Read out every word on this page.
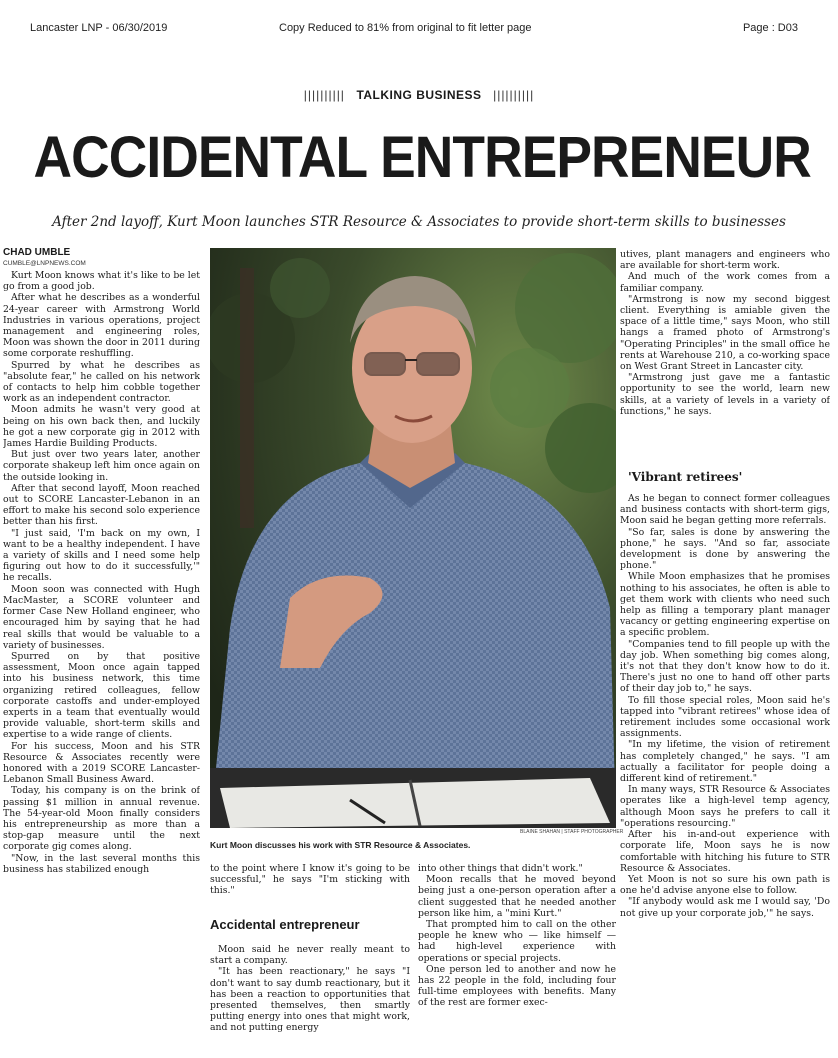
Lancaster LNP - 06/30/2019	Copy Reduced to 81% from original to fit letter page	Page : D03
|||||||||| TALKING BUSINESS ||||||||||
ACCIDENTAL ENTREPRENEUR
After 2nd layoff, Kurt Moon launches STR Resource & Associates to provide short-term skills to businesses
CHAD UMBLE
CUMBLE@LNPNEWS.COM

Kurt Moon knows what it's like to be let go from a good job.

After what he describes as a wonderful 24-year career with Armstrong World Industries in various operations, project management and engineering roles, Moon was shown the door in 2011 during some corporate reshuffling.

Spurred by what he describes as "absolute fear," he called on his network of contacts to help him cobble together work as an independent contractor.

Moon admits he wasn't very good at being on his own back then, and luckily he got a new corporate gig in 2012 with James Hardie Building Products.

But just over two years later, another corporate shakeup left him once again on the outside looking in.

After that second layoff, Moon reached out to SCORE Lancaster-Lebanon in an effort to make his second solo experience better than his first.

"I just said, 'I'm back on my own, I want to be a healthy independent. I have a variety of skills and I need some help figuring out how to do it successfully,'" he recalls.

Moon soon was connected with Hugh MacMaster, a SCORE volunteer and former Case New Holland engineer, who encouraged him by saying that he had real skills that would be valuable to a variety of businesses.

Spurred on by that positive assessment, Moon once again tapped into his business network, this time organizing retired colleagues, fellow corporate castoffs and under-employed experts in a team that eventually would provide valuable, short-term skills and expertise to a wide range of clients.

For his success, Moon and his STR Resource & Associates recently were honored with a 2019 SCORE Lancaster-Lebanon Small Business Award.

Today, his company is on the brink of passing $1 million in annual revenue. The 54-year-old Moon finally considers his entrepreneurship as more than a stop-gap measure until the next corporate gig comes along.

"Now, in the last several months this business has stabilized enough

BLAINE SHAHAN | STAFF PHOTOGRAPHER
Kurt Moon discusses his work with STR Resource & Associates.

to the point where I know it's going to be successful," he says "I'm sticking with this."

Accidental entrepreneur

Moon said he never really meant to start a company.

"It has been reactionary," he says "I don't want to say dumb reactionary, but it has been a reaction to opportunities that presented themselves, then smartly putting energy into ones that might work, and not putting energy

into other things that didn't work."

Moon recalls that he moved beyond being just a one-person operation after a client suggested that he needed another person like him, a "mini Kurt."

That prompted him to call on the other people he knew who — like himself — had high-level experience with operations or special projects.

One person led to another and now he has 22 people in the fold, including four full-time employees with benefits. Many of the rest are former exec-

utives, plant managers and engineers who are available for short-term work.

And much of the work comes from a familiar company.

"Armstrong is now my second biggest client. Everything is amiable given the space of a little time," says Moon, who still hangs a framed photo of Armstrong's "Operating Principles" in the small office he rents at Warehouse 210, a co-working space on West Grant Street in Lancaster city.

"Armstrong just gave me a fantastic opportunity to see the world, learn new skills, at a variety of levels in a variety of functions," he says.

'Vibrant retirees'

As he began to connect former colleagues and business contacts with short-term gigs, Moon said he began getting more referrals.

"So far, sales is done by answering the phone," he says. "And so far, associate development is done by answering the phone."

While Moon emphasizes that he promises nothing to his associates, he often is able to get them work with clients who need such help as filling a temporary plant manager vacancy or getting engineering expertise on a specific problem.

"Companies tend to fill people up with the day job. When something big comes along, it's not that they don't know how to do it. There's just no one to hand off other parts of their day job to," he says.

To fill those special roles, Moon said he's tapped into "vibrant retirees" whose idea of retirement includes some occasional work assignments.

"In my lifetime, the vision of retirement has completely changed," he says. "I am actually a facilitator for people doing a different kind of retirement."

In many ways, STR Resource & Associates operates like a high-level temp agency, although Moon says he prefers to call it "operations resourcing."

After his in-and-out experience with corporate life, Moon says he is now comfortable with hitching his future to STR Resource & Associates.

Yet Moon is not so sure his own path is one he'd advise anyone else to follow.

"If anybody would ask me I would say, 'Do not give up your corporate job,'" he says.
